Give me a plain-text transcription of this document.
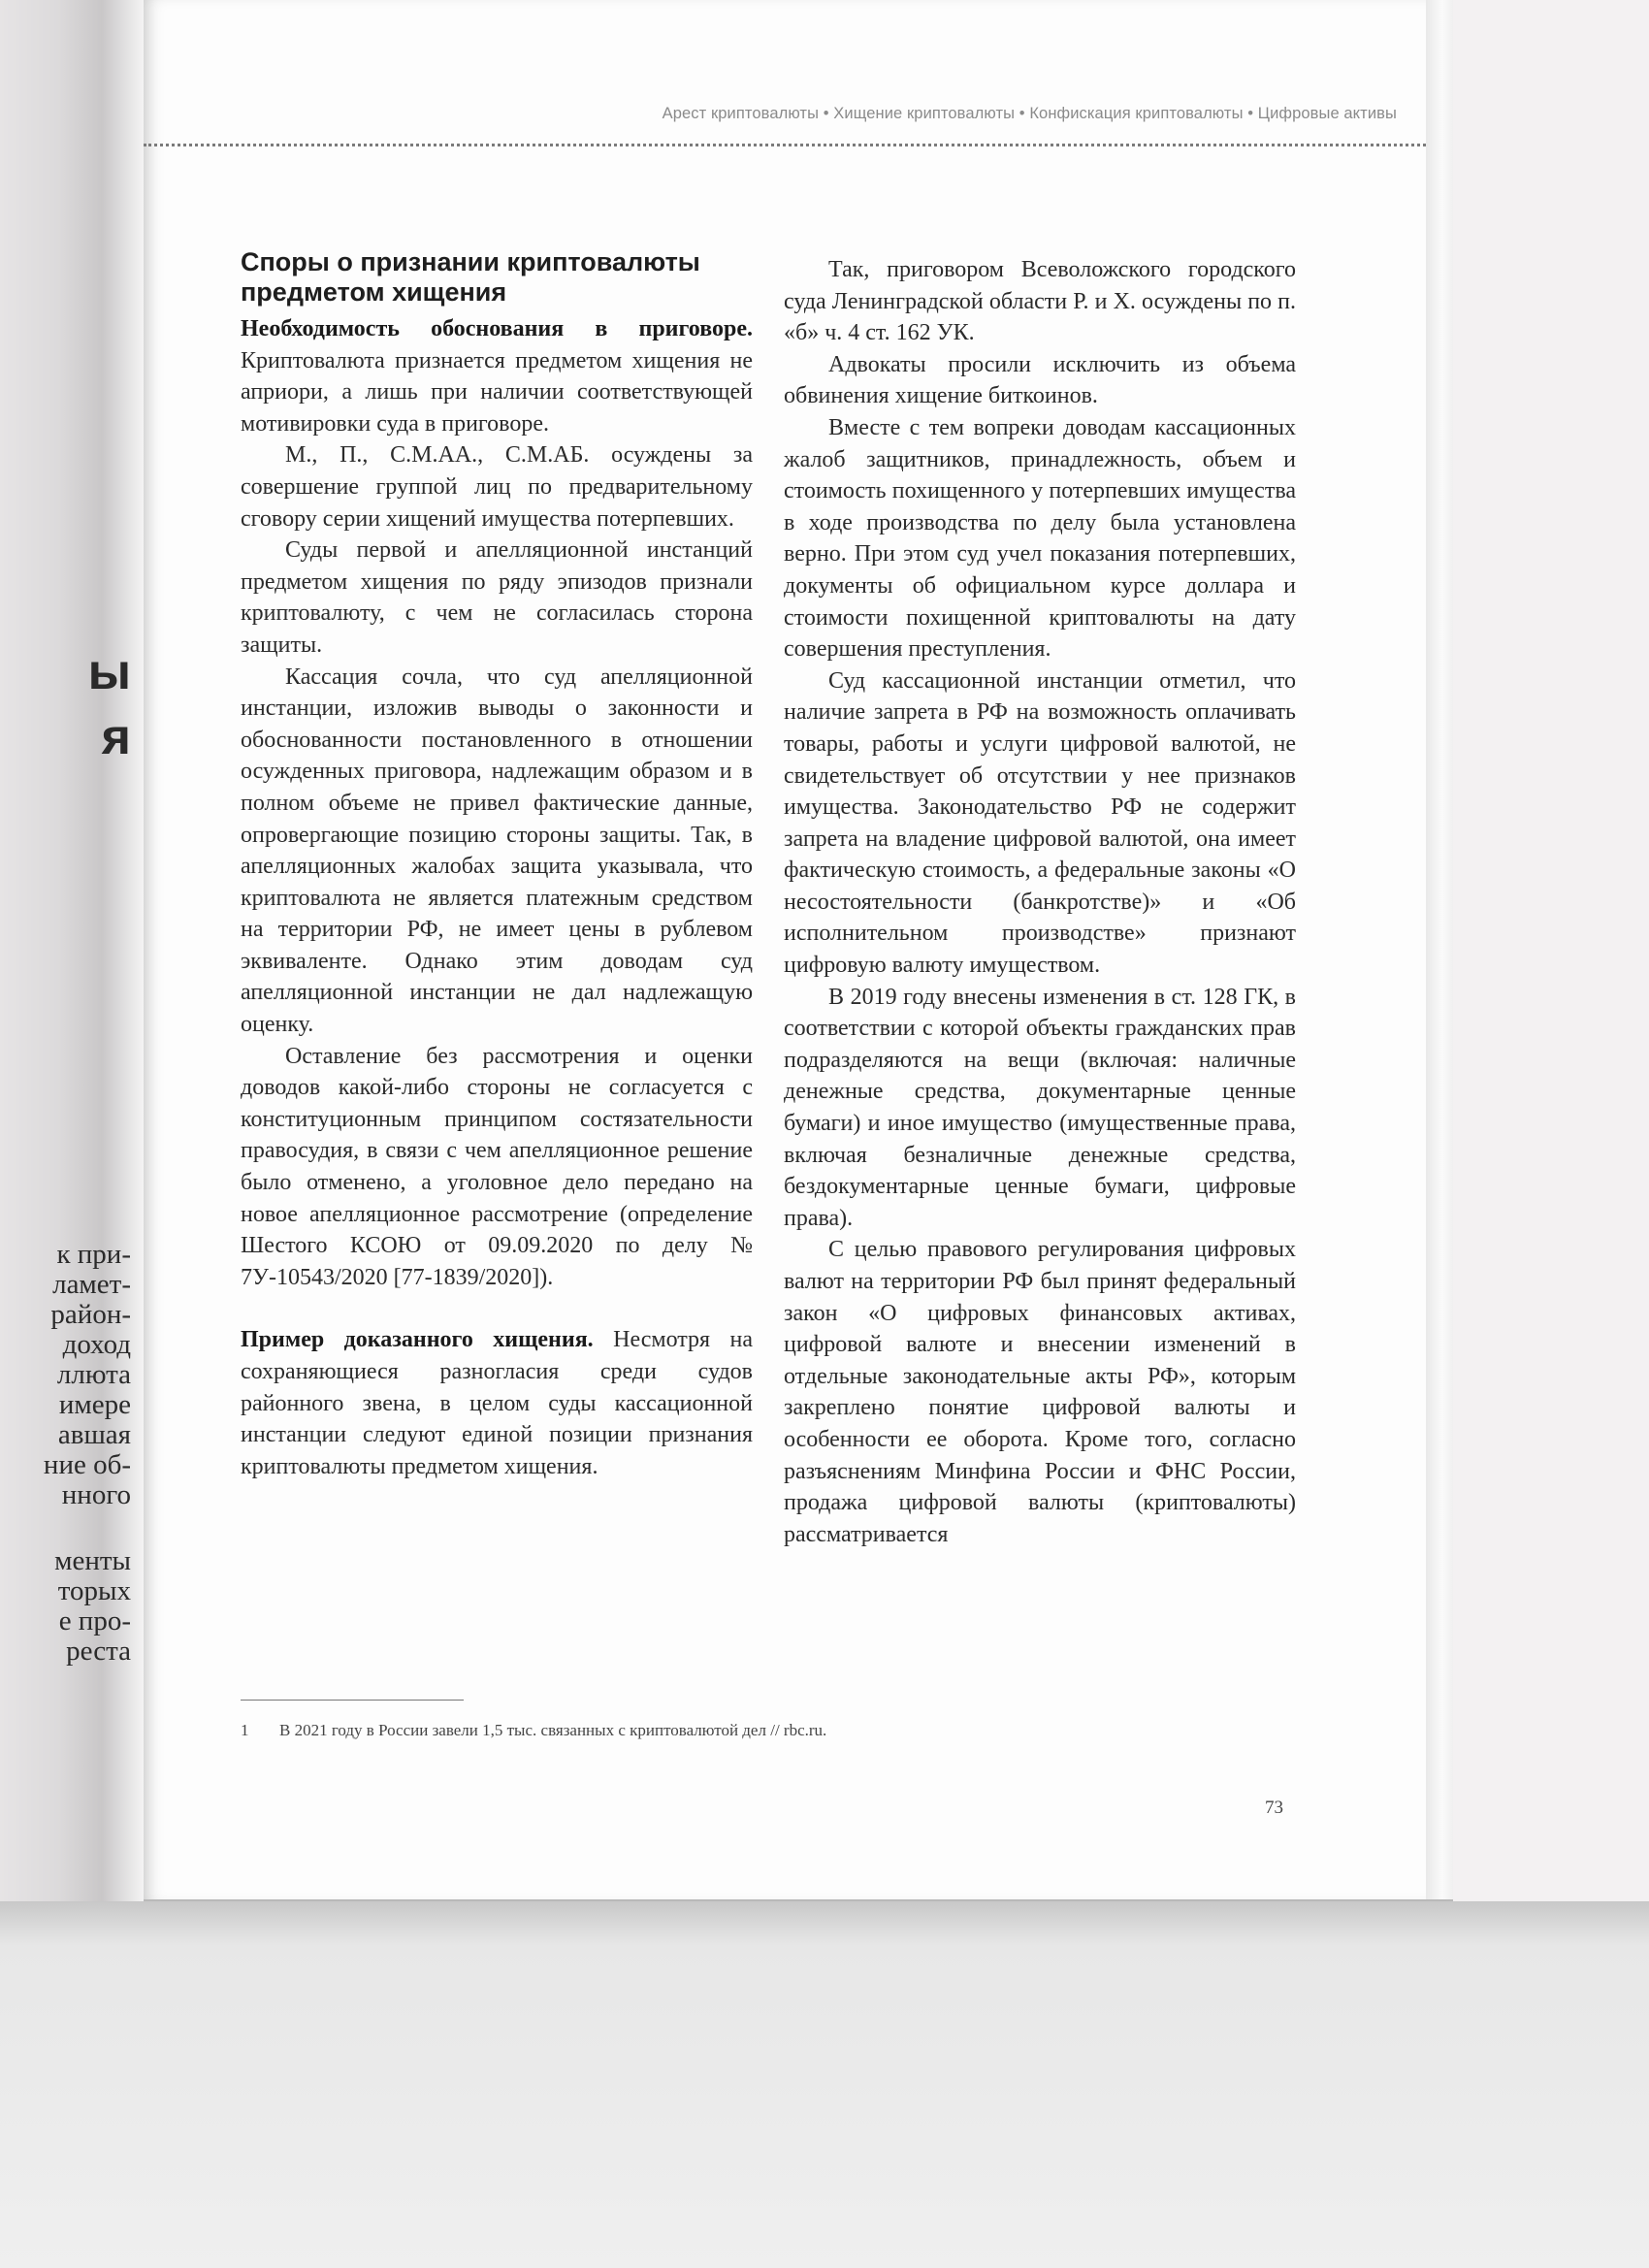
ы
я
к при-
ламет-
район-
доход
ллюта
имере
авшая
ние об-
нного
менты
торых
е про-
реста
Арест криптовалюты • Хищение криптовалюты • Конфискация криптовалюты • Цифровые активы
Споры о признании криптовалюты предметом хищения

Необходимость обоснования в приговоре. Криптовалюта признается предметом хищения не априори, а лишь при наличии соответствующей мотивировки суда в приговоре.

М., П., С.М.АА., С.М.АБ. осуждены за совершение группой лиц по предварительному сговору серии хищений имущества потерпевших.

Суды первой и апелляционной инстанций предметом хищения по ряду эпизодов признали криптовалюту, с чем не согласилась сторона защиты.

Кассация сочла, что суд апелляционной инстанции, изложив выводы о законности и обоснованности постановленного в отношении осужденных приговора, надлежащим образом и в полном объеме не привел фактические данные, опровергающие позицию стороны защиты. Так, в апелляционных жалобах защита указывала, что криптовалюта не является платежным средством на территории РФ, не имеет цены в рублевом эквиваленте. Однако этим доводам суд апелляционной инстанции не дал надлежащую оценку.

Оставление без рассмотрения и оценки доводов какой-либо стороны не согласуется с конституционным принципом состязательности правосудия, в связи с чем апелляционное решение было отменено, а уголовное дело передано на новое апелляционное рассмотрение (определение Шестого КСОЮ от 09.09.2020 по делу № 7У-10543/2020 [77-1839/2020]).

Пример доказанного хищения. Несмотря на сохраняющиеся разногласия среди судов районного звена, в целом суды кассационной инстанции следуют единой позиции признания криптовалюты предметом хищения.

Так, приговором Всеволожского городского суда Ленинградской области Р. и Х. осуждены по п. «б» ч. 4 ст. 162 УК.

Адвокаты просили исключить из объема обвинения хищение биткоинов.

Вместе с тем вопреки доводам кассационных жалоб защитников, принадлежность, объем и стоимость похищенного у потерпевших имущества в ходе производства по делу была установлена верно. При этом суд учел показания потерпевших, документы об официальном курсе доллара и стоимости похищенной криптовалюты на дату совершения преступления.

Суд кассационной инстанции отметил, что наличие запрета в РФ на возможность оплачивать товары, работы и услуги цифровой валютой, не свидетельствует об отсутствии у нее признаков имущества. Законодательство РФ не содержит запрета на владение цифровой валютой, она имеет фактическую стоимость, а федеральные законы «О несостоятельности (банкротстве)» и «Об исполнительном производстве» признают цифровую валюту имуществом.

В 2019 году внесены изменения в ст. 128 ГК, в соответствии с которой объекты гражданских прав подразделяются на вещи (включая: наличные денежные средства, документарные ценные бумаги) и иное имущество (имущественные права, включая безналичные денежные средства, бездокументарные ценные бумаги, цифровые права).

С целью правового регулирования цифровых валют на территории РФ был принят федеральный закон «О цифровых финансовых активах, цифровой валюте и внесении изменений в отдельные законодательные акты РФ», которым закреплено понятие цифровой валюты и особенности ее оборота. Кроме того, согласно разъяснениям Минфина России и ФНС России, продажа цифровой валюты (криптовалюты) рассматривается

1 В 2021 году в России завели 1,5 тыс. связанных с криптовалютой дел // rbc.ru.
73
